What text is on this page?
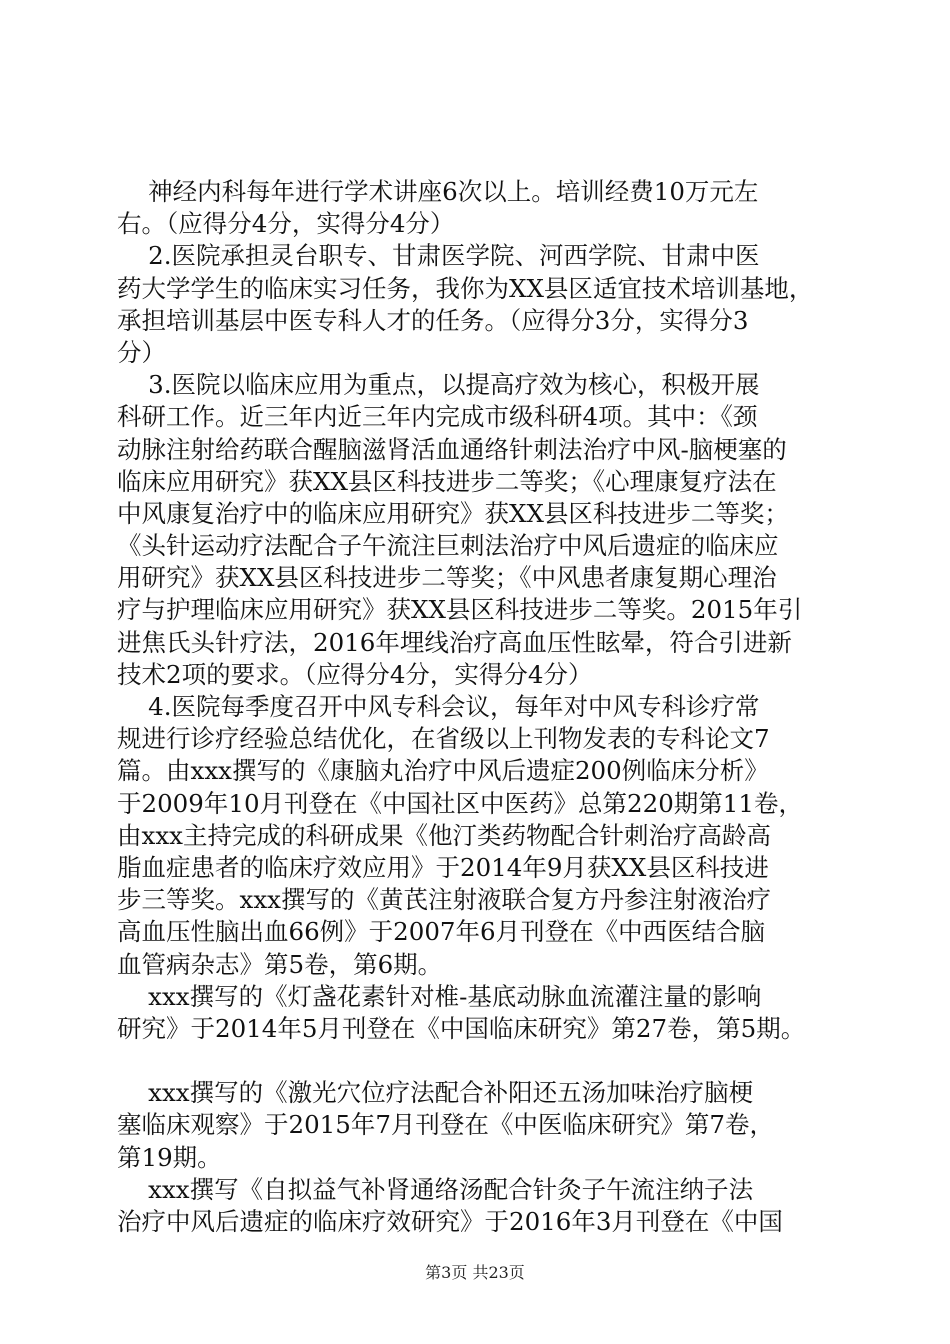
神经内科每年进行学术讲座6次以上。培训经费10万元左
右。（应得分4分，实得分4分）
2.医院承担灵台职专、甘肃医学院、河西学院、甘肃中医
药大学学生的临床实习任务，我你为XX县区适宜技术培训基地，
承担培训基层中医专科人才的任务。（应得分3分，实得分3
分）
3.医院以临床应用为重点，以提高疗效为核心，积极开展
科研工作。近三年内近三年内完成市级科研4项。其中：《颈
动脉注射给药联合醒脑滋肾活血通络针刺法治疗中风-脑梗塞的
临床应用研究》获XX县区科技进步二等奖；《心理康复疗法在
中风康复治疗中的临床应用研究》获XX县区科技进步二等奖；
《头针运动疗法配合子午流注巨刺法治疗中风后遗症的临床应
用研究》获XX县区科技进步二等奖；《中风患者康复期心理治
疗与护理临床应用研究》获XX县区科技进步二等奖。2015年引
进焦氏头针疗法，2016年埋线治疗高血压性眩晕，符合引进新
技术2项的要求。（应得分4分，实得分4分）
4.医院每季度召开中风专科会议，每年对中风专科诊疗常
规进行诊疗经验总结优化，在省级以上刊物发表的专科论文7
篇。由xxx撰写的《康脑丸治疗中风后遗症200例临床分析》
于2009年10月刊登在《中国社区中医药》总第220期第11卷，
由xxx主持完成的科研成果《他汀类药物配合针刺治疗高龄高
脂血症患者的临床疗效应用》于2014年9月获XX县区科技进
步三等奖。xxx撰写的《黄芪注射液联合复方丹参注射液治疗
高血压性脑出血66例》于2007年6月刊登在《中西医结合脑
血管病杂志》第5卷，第6期。
xxx撰写的《灯盏花素针对椎-基底动脉血流灌注量的影响
研究》于2014年5月刊登在《中国临床研究》第27卷，第5期。
xxx撰写的《激光穴位疗法配合补阳还五汤加味治疗脑梗
塞临床观察》于2015年7月刊登在《中医临床研究》第7卷，
第19期。
xxx撰写《自拟益气补肾通络汤配合针灸子午流注纳子法
治疗中风后遗症的临床疗效研究》于2016年3月刊登在《中国
第3页 共23页
